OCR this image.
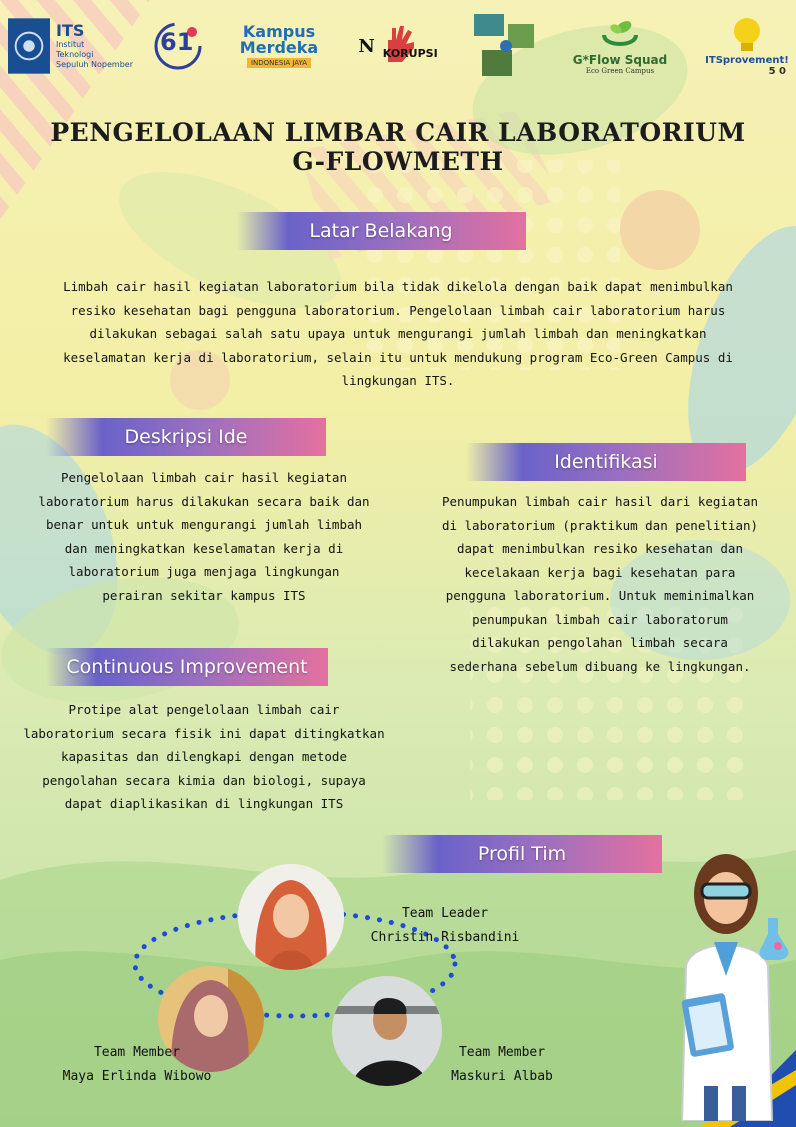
ITS
Institut
Teknologi
Sepuluh Nopember
61	Kampus
Merdeka
INDONESIA JAYA
N KORUPSI	G*Flow Squad
Eco Green Campus
ITSprovement!
5 0
PENGELOLAAN LIMBAR CAIR LABORATORIUM
G-FLOWMETH
Latar Belakang
Limbah cair hasil kegiatan laboratorium bila tidak dikelola dengan baik dapat menimbulkan
resiko kesehatan bagi pengguna laboratorium. Pengelolaan limbah cair laboratorium harus
dilakukan sebagai salah satu upaya untuk mengurangi jumlah limbah dan meningkatkan
keselamatan kerja di laboratorium, selain itu untuk mendukung program Eco-Green Campus di
lingkungan ITS.
Deskripsi Ide
Pengelolaan limbah cair hasil kegiatan
laboratorium harus dilakukan secara baik dan
benar untuk untuk mengurangi jumlah limbah
dan meningkatkan keselamatan kerja di
laboratorium juga menjaga lingkungan
perairan sekitar kampus ITS
Identifikasi
Penumpukan limbah cair hasil dari kegiatan
di laboratorium (praktikum dan penelitian)
dapat menimbulkan resiko kesehatan dan
kecelakaan kerja bagi kesehatan para
pengguna laboratorium. Untuk meminimalkan
penumpukan limbah cair laboratorum
dilakukan pengolahan limbah secara
sederhana sebelum dibuang ke lingkungan.
Continuous Improvement
Protipe alat pengelolaan limbah cair
laboratorium secara fisik ini dapat ditingkatkan
kapasitas dan dilengkapi dengan metode
pengolahan secara kimia dan biologi, supaya
dapat diaplikasikan di lingkungan ITS
Profil Tim
Team Leader
Christin Risbandini
Team Member
Maya Erlinda Wibowo
Team Member
Maskuri Albab
